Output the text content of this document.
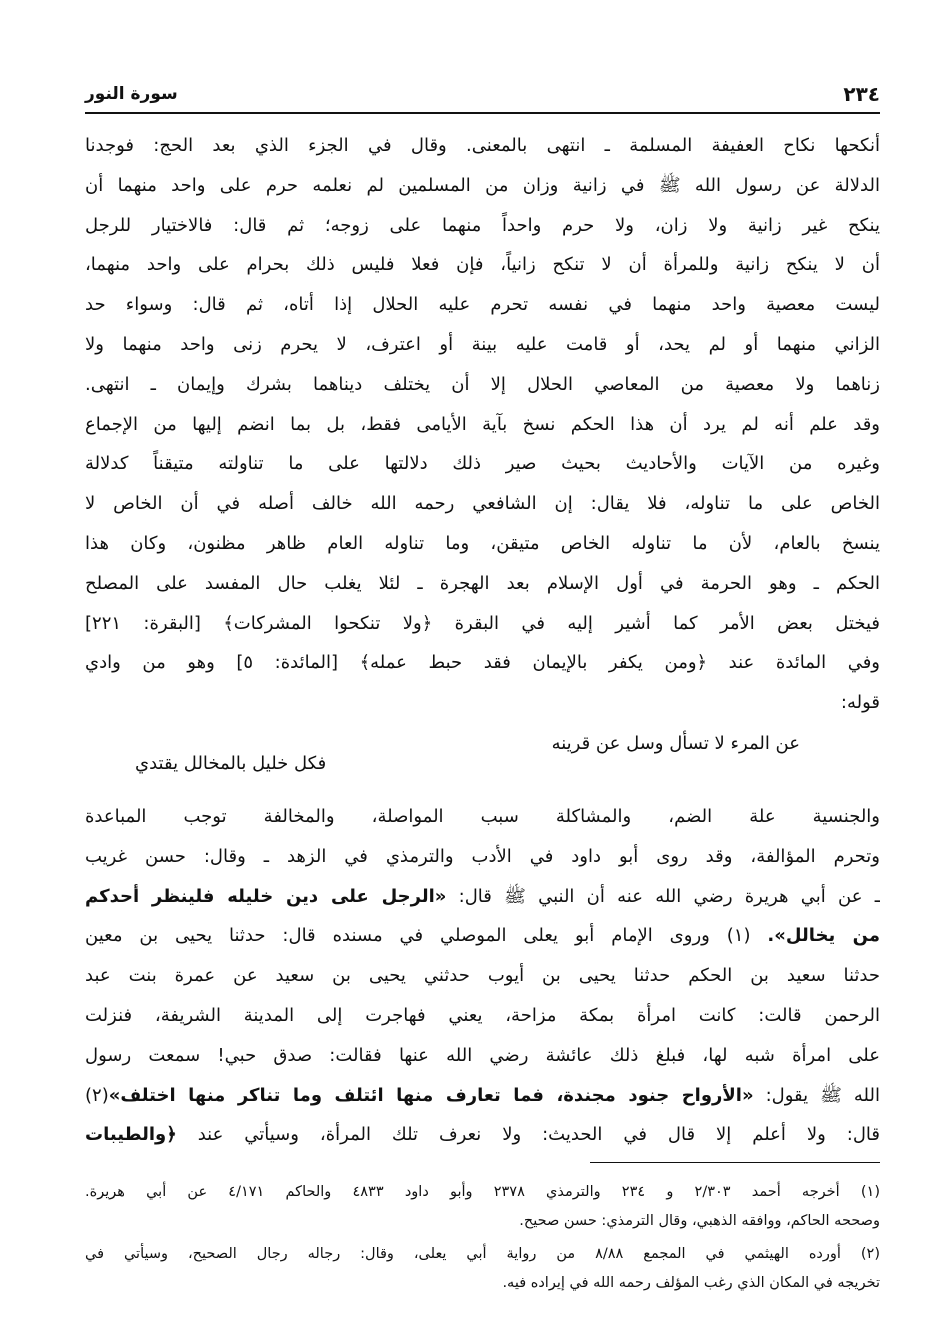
٢٣٤
سورة النور
أنكحها نكاح العفيفة المسلمة ـ انتهى بالمعنى. وقال في الجزء الذي بعد الحج: فوجدنا
الدلالة عن رسول الله ﷺ في زانية وزان من المسلمين لم نعلمه حرم على واحد منهما أن
ينكح غير زانية ولا زان، ولا حرم واحداً منهما على زوجه؛ ثم قال: فالاختيار للرجل
أن لا ينكح زانية وللمرأة أن لا تنكح زانياً، فإن فعلا فليس ذلك بحرام على واحد منهما،
ليست معصية واحد منهما في نفسه تحرم عليه الحلال إذا أتاه، ثم قال: وسواء حد
الزاني منهما أو لم يحد، أو قامت عليه بينة أو اعترف، لا يحرم زنى واحد منهما ولا
زناهما ولا معصية من المعاصي الحلال إلا أن يختلف ديناهما بشرك وإيمان ـ انتهى.
وقد علم أنه لم يرد أن هذا الحكم نسخ بآية الأيامى فقط، بل بما انضم إليها من الإجماع
وغيره من الآيات والأحاديث بحيث صير ذلك دلالتها على ما تناولته متيقناً كدلالة
الخاص على ما تناوله، فلا يقال: إن الشافعي رحمه الله خالف أصله في أن الخاص لا
ينسخ بالعام، لأن ما تناوله الخاص متيقن، وما تناوله العام ظاهر مظنون، وكان هذا
الحكم ـ وهو الحرمة في أول الإسلام بعد الهجرة ـ لئلا يغلب حال المفسد على المصلح
فيختل بعض الأمر كما أشير إليه في البقرة ﴿ولا تنكحوا المشركات﴾ [البقرة: ٢٢١]
وفي المائدة عند ﴿ومن يكفر بالإيمان فقد حبط عمله﴾ [المائدة: ٥] وهو من وادي
قوله:
عن المرء لا تسأل وسل عن قرينه
فكل خليل بالمخالل يقتدي
والجنسية علة الضم، والمشاكلة سبب المواصلة، والمخالفة توجب المباعدة
وتحرم المؤالفة، وقد روى أبو داود في الأدب والترمذي في الزهد ـ وقال: حسن غريب
ـ عن أبي هريرة رضي الله عنه أن النبي ﷺ قال: «الرجل على دين خليله فلينظر أحدكم
من يخالل». (١) وروى الإمام أبو يعلى الموصلي في مسنده قال: حدثنا يحيى بن معين
حدثنا سعيد بن الحكم حدثنا يحيى بن أيوب حدثني يحيى بن سعيد عن عمرة بنت عبد
الرحمن قالت: كانت امرأة بمكة مزاحة، يعني فهاجرت إلى المدينة الشريفة، فنزلت
على امرأة شبه لها، فبلغ ذلك عائشة رضي الله عنها فقالت: صدق حبي! سمعت رسول
الله ﷺ يقول: «الأرواح جنود مجندة، فما تعارف منها ائتلف وما تناكر منها اختلف»(٢)
قال: ولا أعلم إلا قال في الحديث: ولا نعرف تلك المرأة، وسيأتي عند ﴿والطيبات
(١) أخرجه أحمد ٢/٣٠٣ و ٢٣٤ والترمذي ٢٣٧٨ وأبو داود ٤٨٣٣ والحاكم ٤/١٧١ عن أبي هريرة.
وصححه الحاكم، ووافقه الذهبي، وقال الترمذي: حسن صحيح.
(٢) أورده الهيثمي في المجمع ٨/٨٨ من رواية أبي يعلى، وقال: رجاله رجال الصحيح، وسيأتي في
تخريجه في المكان الذي رغب المؤلف رحمه الله في إيراده فيه.
